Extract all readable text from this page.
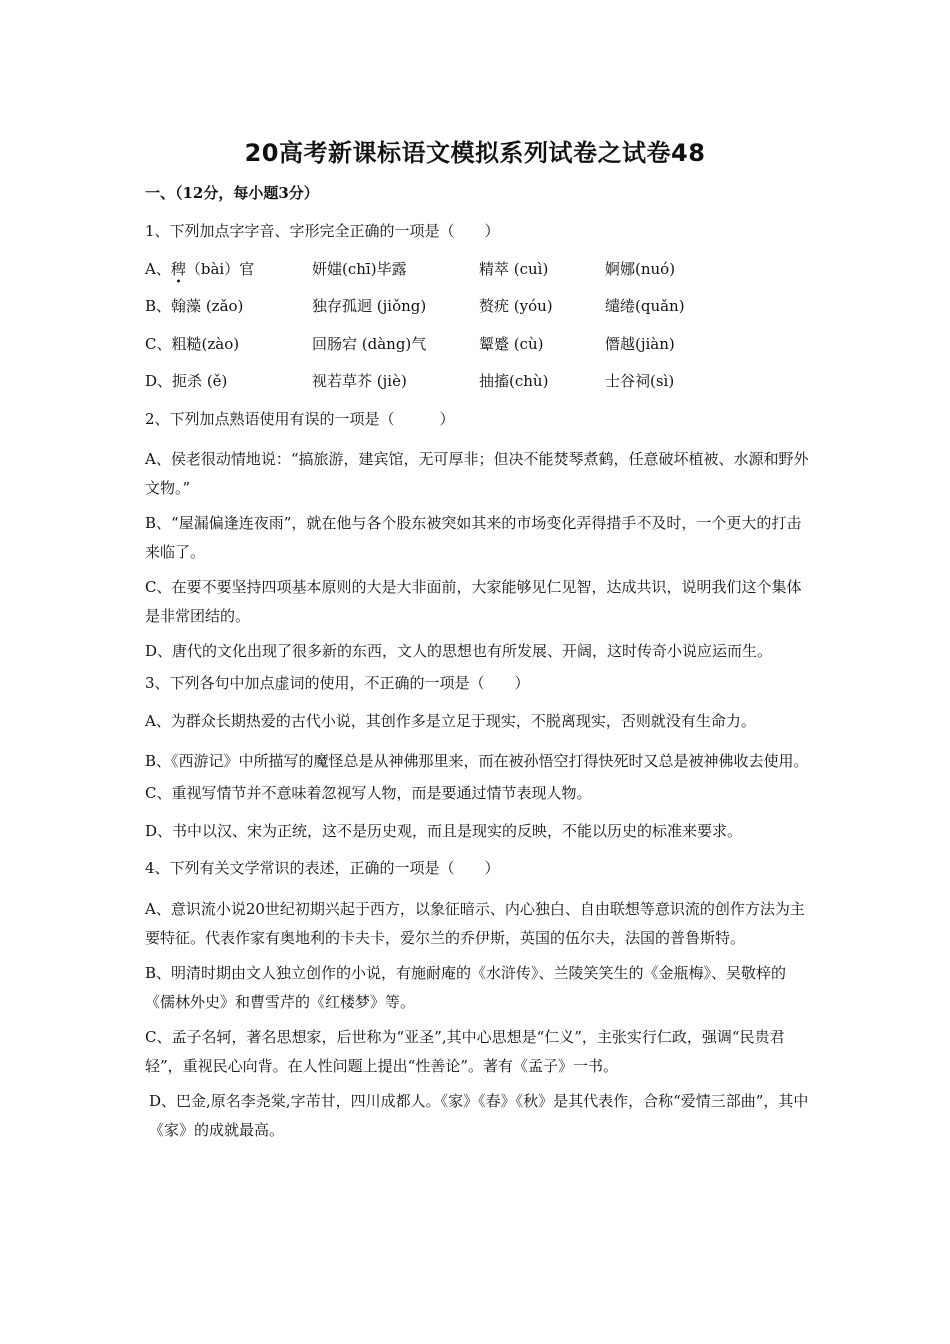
20高考新课标语文模拟系列试卷之试卷48
一、（12分，每小题3分）
1、下列加点字字音、字形完全正确的一项是（　　）
A、稗（bài）官	妍媸(chī)毕露	精萃 (cuì)	婀娜(nuó)
B、翰藻 (zǎo)	独存孤迥 (jiǒng)	赘疣 (yóu)	缱绻(quǎn)
C、粗糙(zào)	回肠宕 (dàng)气	颦蹙 (cù)	僭越(jiàn)
D、扼杀 (ě)	视若草芥 (jiè)	抽搐(chù)	士谷祠(sì)
2、下列加点熟语使用有误的一项是（　　　）
A、侯老很动情地说：“搞旅游，建宾馆，无可厚非；但决不能焚琴煮鹤，任意破坏植被、水源和野外文物。”
B、“屋漏偏逢连夜雨”，就在他与各个股东被突如其来的市场变化弄得措手不及时，一个更大的打击来临了。
C、在要不要坚持四项基本原则的大是大非面前，大家能够见仁见智，达成共识，说明我们这个集体是非常团结的。
D、唐代的文化出现了很多新的东西，文人的思想也有所发展、开阔，这时传奇小说应运而生。
3、下列各句中加点虚词的使用，不正确的一项是（　　）
A、为群众长期热爱的古代小说，其创作多是立足于现实，不脱离现实，否则就没有生命力。
B、《西游记》中所描写的魔怪总是从神佛那里来，而在被孙悟空打得快死时又总是被神佛收去使用。
C、重视写情节并不意味着忽视写人物，而是要通过情节表现人物。
D、书中以汉、宋为正统，这不是历史观，而且是现实的反映，不能以历史的标准来要求。
4、下列有关文学常识的表述，正确的一项是（　　）
A、意识流小说20世纪初期兴起于西方，以象征暗示、内心独白、自由联想等意识流的创作方法为主要特征。代表作家有奥地利的卡夫卡，爱尔兰的乔伊斯，英国的伍尔夫，法国的普鲁斯特。
B、明清时期由文人独立创作的小说，有施耐庵的《水浒传》、兰陵笑笑生的《金瓶梅》、吴敬梓的《儒林外史》和曹雪芹的《红楼梦》等。
C、孟子名轲，著名思想家，后世称为“亚圣”,其中心思想是“仁义”，主张实行仁政，强调“民贵君轻”，重视民心向背。在人性问题上提出“性善论”。著有《孟子》一书。
D、巴金,原名李尧棠,字芾甘，四川成都人。《家》《春》《秋》是其代表作，合称“爱情三部曲”，其中《家》的成就最高。
